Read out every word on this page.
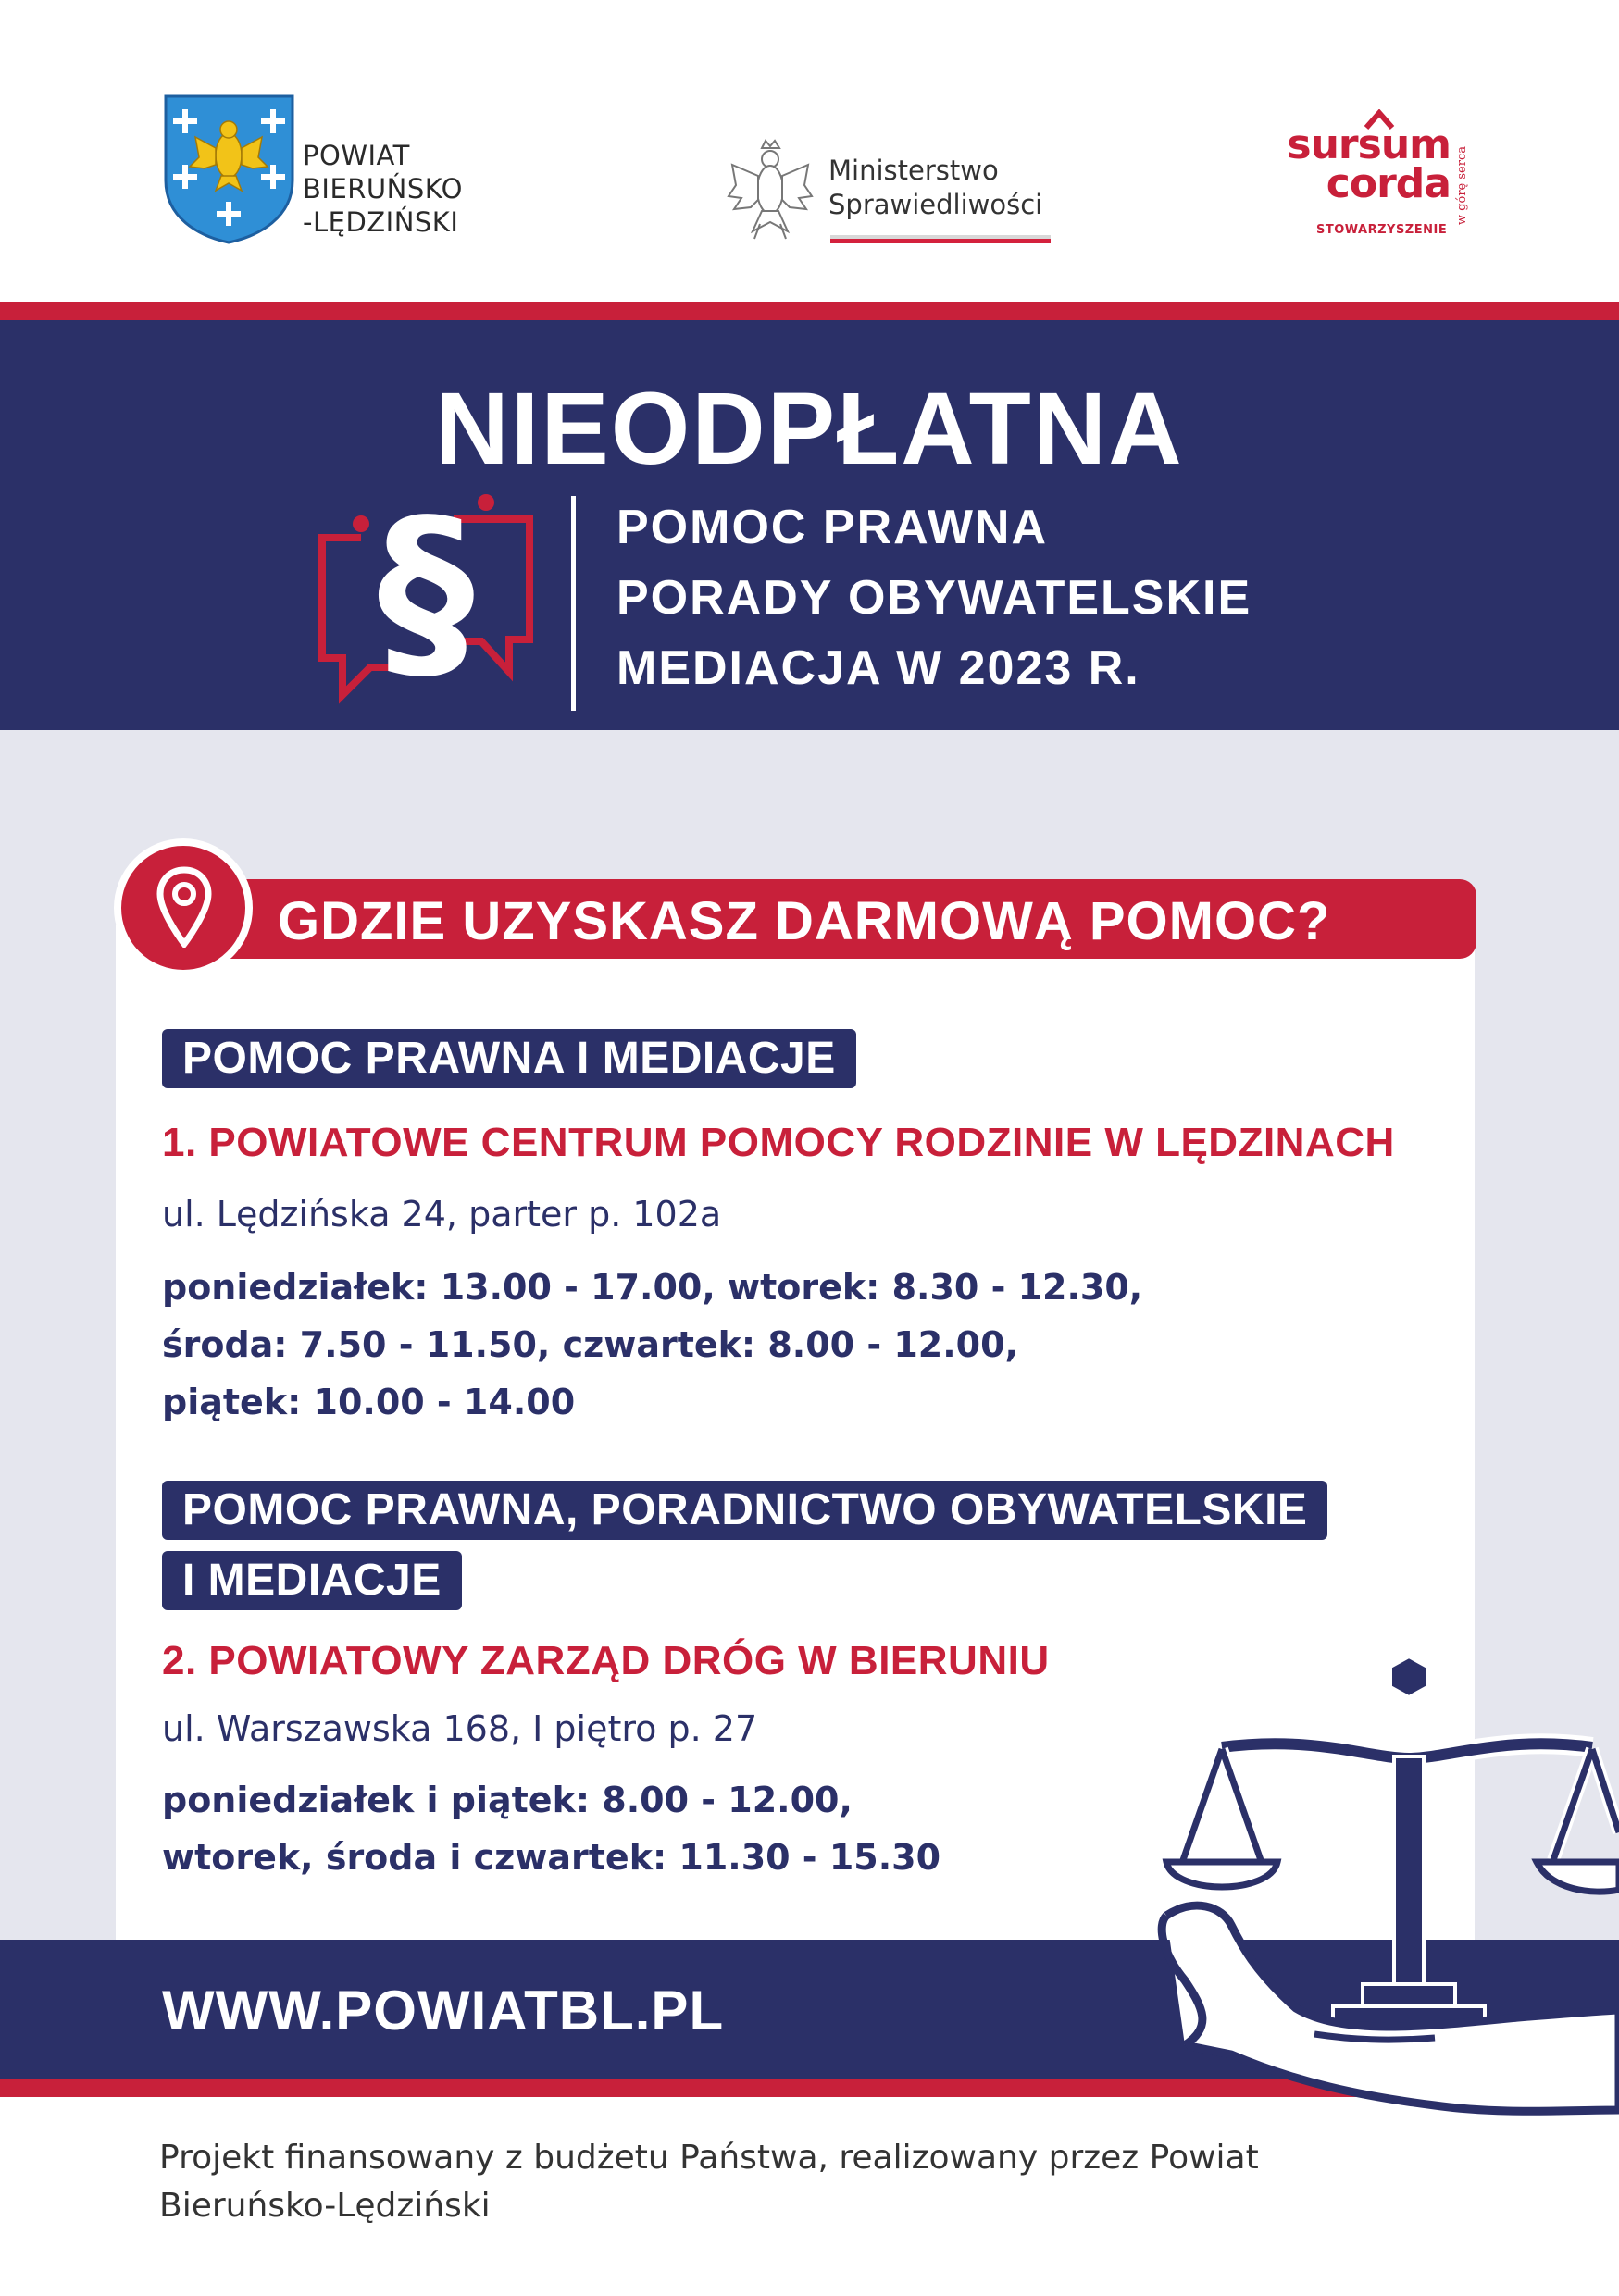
POWIAT
BIERUŃSKO
-LĘDZIŃSKI
Ministerstwo
Sprawiedliwości
sursum
corda
STOWARZYSZENIE
w górę serca
NIEODPŁATNA
§	POMOC PRAWNA
PORADY OBYWATELSKIE
MEDIACJA W 2023 R.
GDZIE UZYSKASZ DARMOWĄ POMOC?
POMOC PRAWNA I MEDIACJE
1. POWIATOWE CENTRUM POMOCY RODZINIE W LĘDZINACH
ul. Lędzińska 24, parter p. 102a
poniedziałek: 13.00 - 17.00, wtorek: 8.30 - 12.30,
środa: 7.50 - 11.50, czwartek: 8.00 - 12.00,
piątek: 10.00 - 14.00
POMOC PRAWNA, PORADNICTWO OBYWATELSKIE
I MEDIACJE
2. POWIATOWY ZARZĄD DRÓG W BIERUNIU
ul. Warszawska 168, I piętro p. 27
poniedziałek i piątek: 8.00 - 12.00,
wtorek, środa i czwartek: 11.30 - 15.30
WWW.POWIATBL.PL
Projekt finansowany z budżetu Państwa, realizowany przez Powiat
Bieruńsko-Lędziński
